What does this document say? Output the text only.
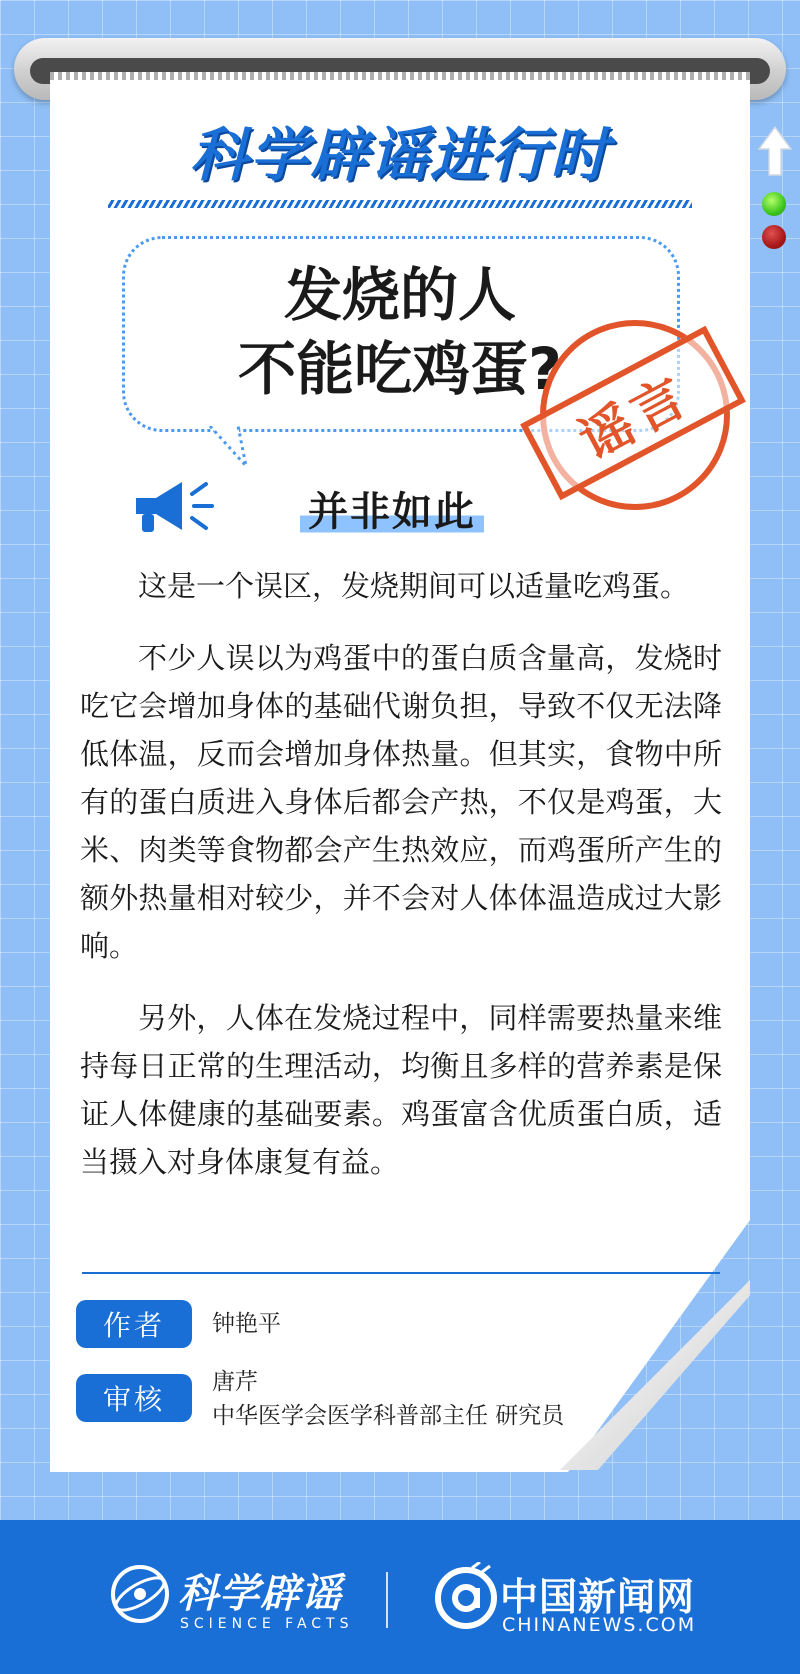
科学辟谣进行时
发烧的人
不能吃鸡蛋? 谣言
并非如此

这是一个误区，发烧期间可以适量吃鸡蛋。

不少人误以为鸡蛋中的蛋白质含量高，发烧时吃它会增加身体的基础代谢负担，导致不仅无法降低体温，反而会增加身体热量。但其实，食物中所有的蛋白质进入身体后都会产热，不仅是鸡蛋，大米、肉类等食物都会产生热效应，而鸡蛋所产生的额外热量相对较少，并不会对人体体温造成过大影响。

另外，人体在发烧过程中，同样需要热量来维持每日正常的生理活动，均衡且多样的营养素是保证人体健康的基础要素。鸡蛋富含优质蛋白质，适当摄入对身体康复有益。

作者	钟艳平
审核
唐芹
中华医学会医学科普部主任 研究员
科学辟谣
SCIENCE FACTS
中国新闻网
CHINANEWS.COM
